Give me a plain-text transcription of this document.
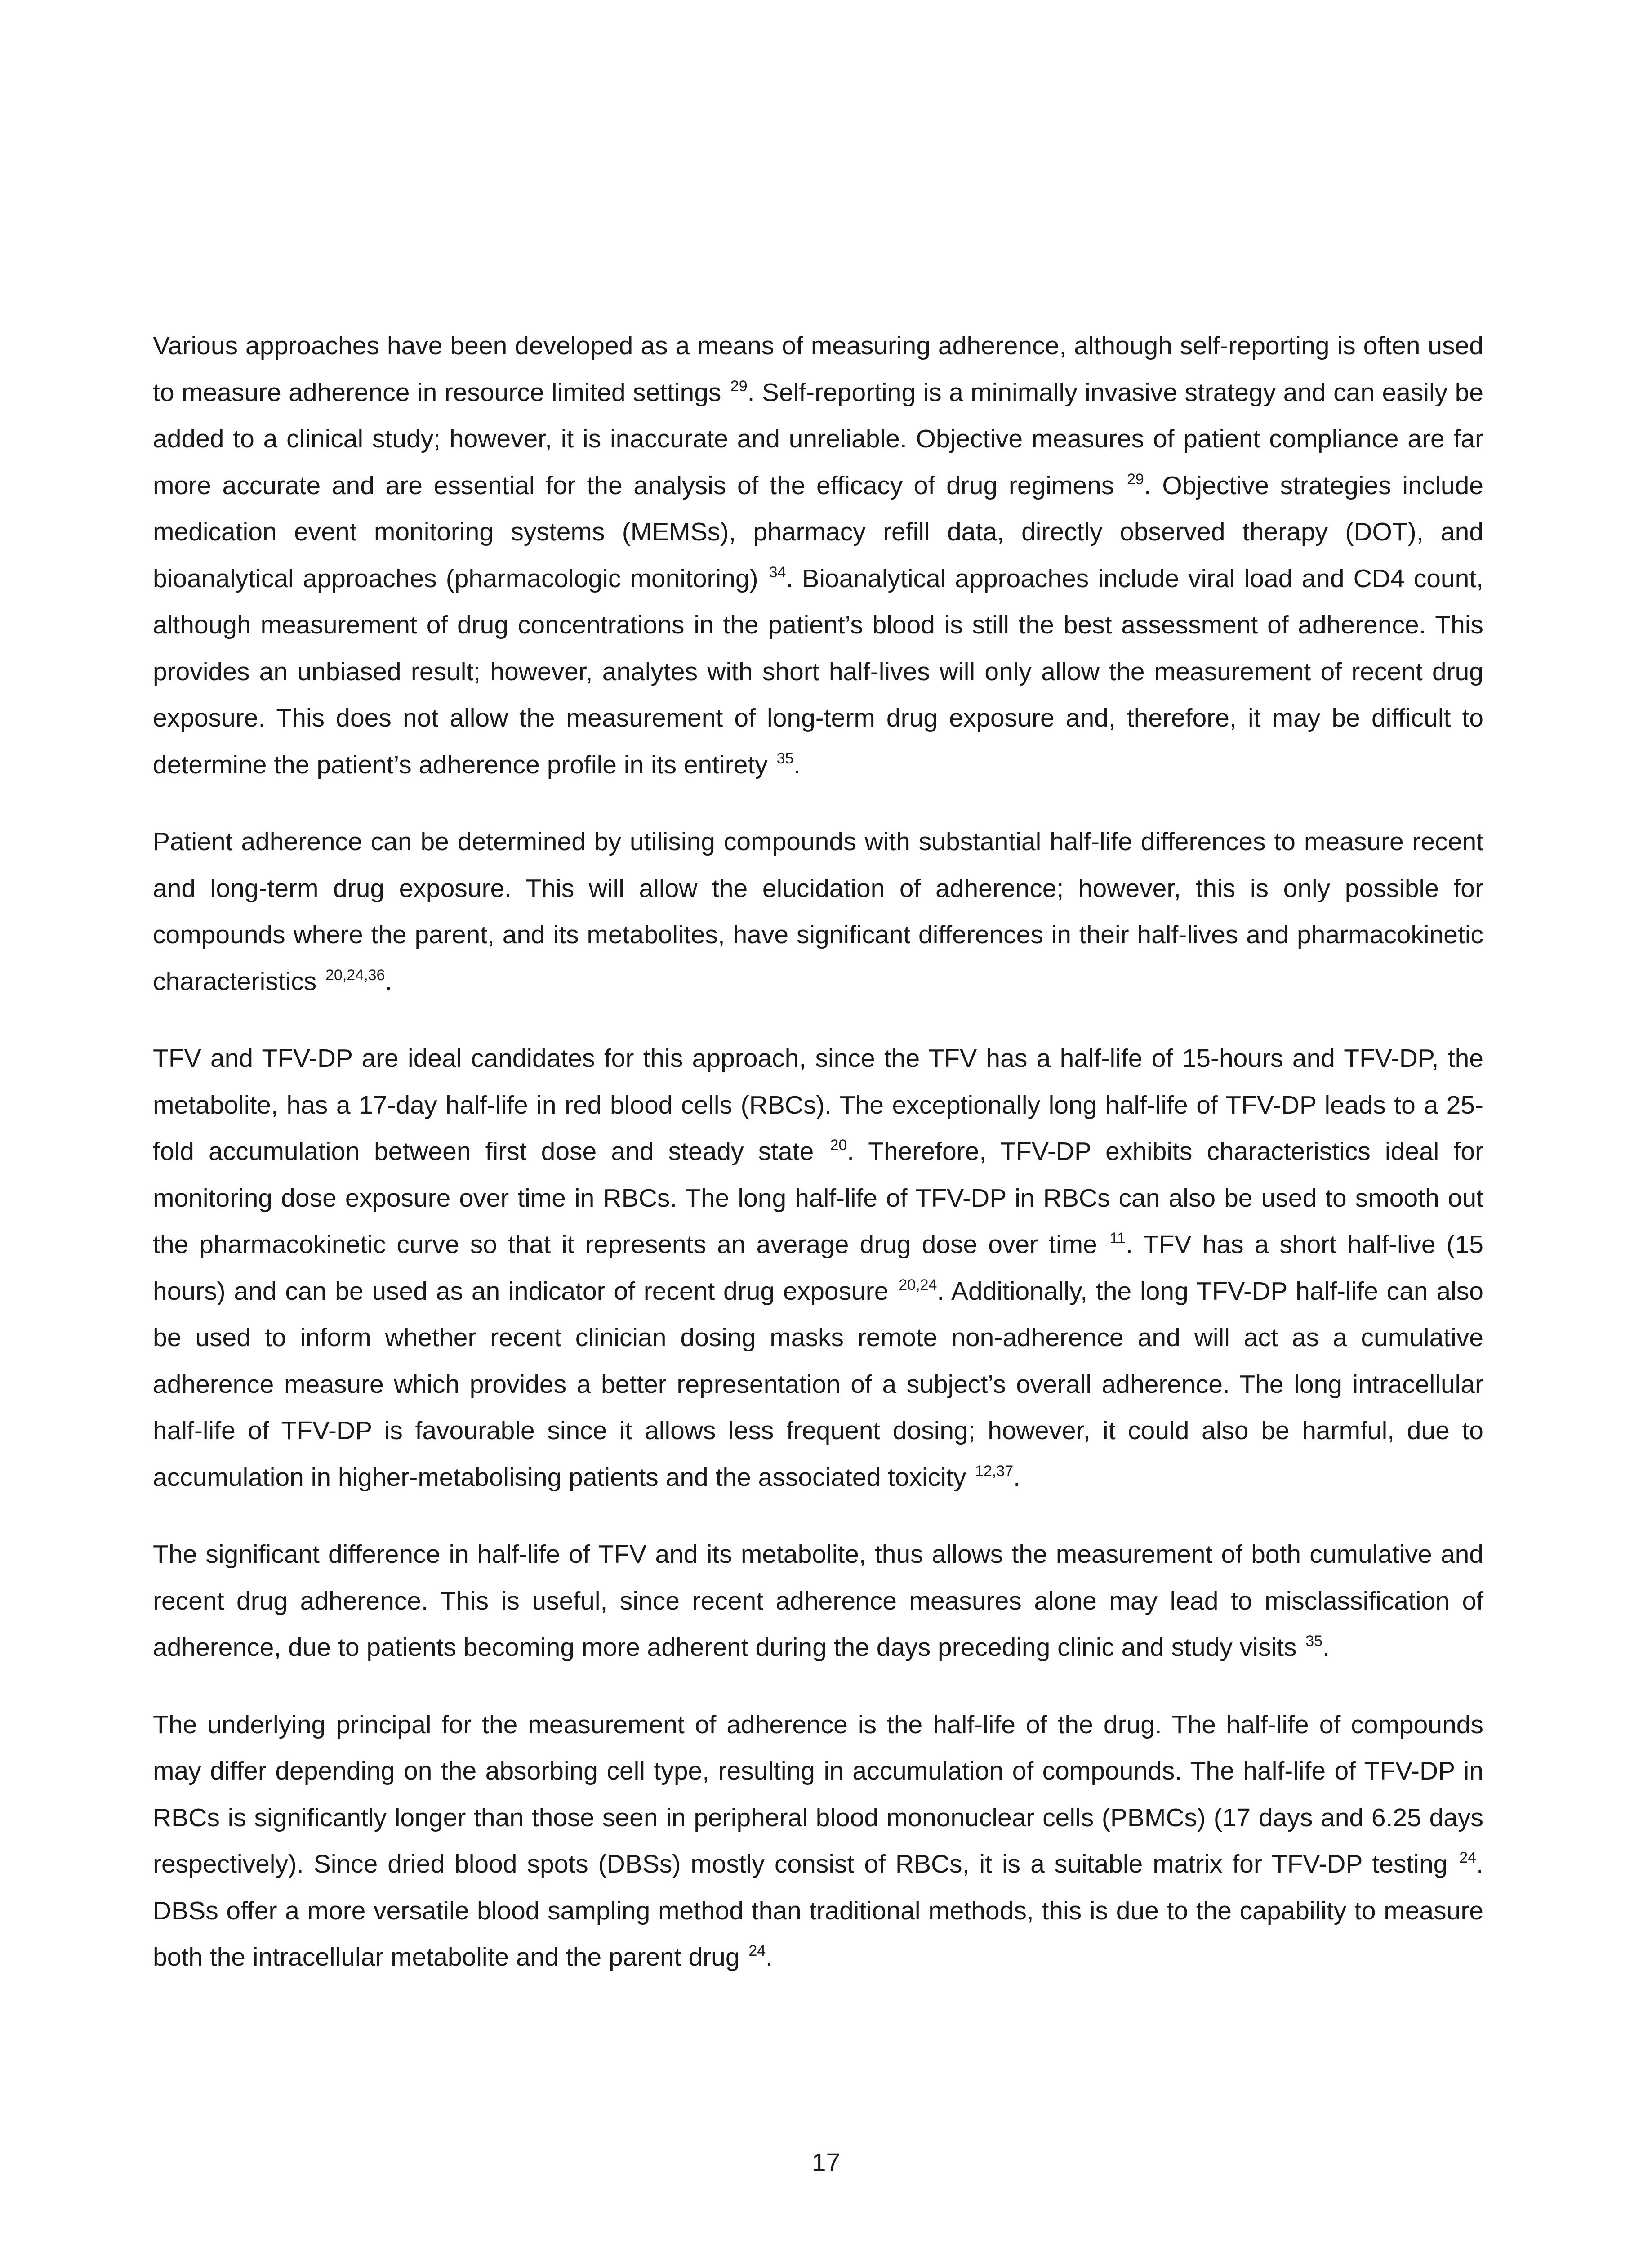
Various approaches have been developed as a means of measuring adherence, although self-reporting is often used to measure adherence in resource limited settings $^{29}$. Self-reporting is a minimally invasive strategy and can easily be added to a clinical study; however, it is inaccurate and unreliable. Objective measures of patient compliance are far more accurate and are essential for the analysis of the efficacy of drug regimens $^{29}$. Objective strategies include medication event monitoring systems (MEMSs), pharmacy refill data, directly observed therapy (DOT), and bioanalytical approaches (pharmacologic monitoring) $^{34}$. Bioanalytical approaches include viral load and CD4 count, although measurement of drug concentrations in the patient’s blood is still the best assessment of adherence. This provides an unbiased result; however, analytes with short half-lives will only allow the measurement of recent drug exposure. This does not allow the measurement of long-term drug exposure and, therefore, it may be difficult to determine the patient’s adherence profile in its entirety $^{35}$.

Patient adherence can be determined by utilising compounds with substantial half-life differences to measure recent and long-term drug exposure. This will allow the elucidation of adherence; however, this is only possible for compounds where the parent, and its metabolites, have significant differences in their half-lives and pharmacokinetic characteristics $^{20,24,36}$.

TFV and TFV-DP are ideal candidates for this approach, since the TFV has a half-life of 15-hours and TFV-DP, the metabolite, has a 17-day half-life in red blood cells (RBCs). The exceptionally long half-life of TFV-DP leads to a 25-fold accumulation between first dose and steady state $^{20}$. Therefore, TFV-DP exhibits characteristics ideal for monitoring dose exposure over time in RBCs. The long half-life of TFV-DP in RBCs can also be used to smooth out the pharmacokinetic curve so that it represents an average drug dose over time $^{11}$. TFV has a short half-live (15 hours) and can be used as an indicator of recent drug exposure $^{20,24}$. Additionally, the long TFV-DP half-life can also be used to inform whether recent clinician dosing masks remote non-adherence and will act as a cumulative adherence measure which provides a better representation of a subject’s overall adherence. The long intracellular half-life of TFV-DP is favourable since it allows less frequent dosing; however, it could also be harmful, due to accumulation in higher-metabolising patients and the associated toxicity $^{12,37}$.

The significant difference in half-life of TFV and its metabolite, thus allows the measurement of both cumulative and recent drug adherence. This is useful, since recent adherence measures alone may lead to misclassification of adherence, due to patients becoming more adherent during the days preceding clinic and study visits $^{35}$.

The underlying principal for the measurement of adherence is the half-life of the drug. The half-life of compounds may differ depending on the absorbing cell type, resulting in accumulation of compounds. The half-life of TFV-DP in RBCs is significantly longer than those seen in peripheral blood mononuclear cells (PBMCs) (17 days and 6.25 days respectively). Since dried blood spots (DBSs) mostly consist of RBCs, it is a suitable matrix for TFV-DP testing $^{24}$. DBSs offer a more versatile blood sampling method than traditional methods, this is due to the capability to measure both the intracellular metabolite and the parent drug $^{24}$.

17
